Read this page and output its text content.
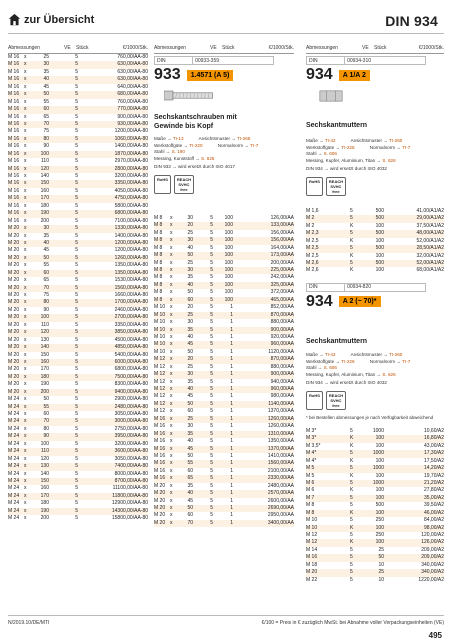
zur Übersicht	DIN 934
Abmessungen	VE	Stück	€/1000/Stk.
M 16 x	25	5	760,00/AA-80
M 16 x	30	5	630,00/AA-80
M 16 x	35	5	630,00/AA-80
M 16 x	40	5	630,00/AA-80
M 16 x	45	5	640,00/AA-80
M 16 x	50	5	680,00/AA-80
M 16 x	55	5	760,00/AA-80
M 16 x	60	5	770,00/AA-80
M 16 x	65	5	900,00/AA-80
M 16 x	70	5	930,00/AA-80
M 16 x	75	5	1200,00/AA-80
M 16 x	80	5	1060,00/AA-80
M 16 x	90	5	1400,00/AA-80
M 16 x	100	5	1870,00/AA-80
M 16 x	110	5	2970,00/AA-80
M 16 x	120	5	2800,00/AA-80
M 16 x	140	5	3200,00/AA-80
M 16 x	150	5	3350,00/AA-80
M 16 x	160	5	4050,00/AA-80
M 16 x	170	5	4750,00/AA-80
M 16 x	180	5	5800,00/AA-80
M 16 x	190	5	6800,00/AA-80
M 16 x	200	5	7100,00/AA-80
M 20 x	30	5	1330,00/AA-80
M 20 x	35	5	1400,00/AA-80
M 20 x	40	5	1200,00/AA-80
M 20 x	45	5	1200,00/AA-80
M 20 x	50	5	1260,00/AA-80
M 20 x	55	5	1350,00/AA-80
M 20 x	60	5	1350,00/AA-80
M 20 x	65	5	1530,00/AA-80
M 20 x	70	5	1560,00/AA-80
M 20 x	75	5	1660,00/AA-80
M 20 x	80	5	1700,00/AA-80
M 20 x	90	5	2460,00/AA-80
M 20 x	100	5	2700,00/AA-80
M 20 x	110	5	3350,00/AA-80
M 20 x	120	5	3850,00/AA-80
M 20 x	130	5	4500,00/AA-80
M 20 x	140	5	4850,00/AA-80
M 20 x	150	5	5400,00/AA-80
M 20 x	160	5	6000,00/AA-80
M 20 x	170	5	6800,00/AA-80
M 20 x	180	5	7500,00/AA-80
M 20 x	190	5	8300,00/AA-80
M 20 x	200	5	9400,00/AA-80
M 24 x	50	5	2900,00/AA-80
M 24 x	55	5	2480,00/AA-80
M 24 x	60	5	3050,00/AA-80
M 24 x	70	5	3000,00/AA-80
M 24 x	80	5	2750,00/AA-80
M 24 x	90	5	3950,00/AA-80
M 24 x	100	5	3200,00/AA-80
M 24 x	110	5	3600,00/AA-80
M 24 x	120	5	3050,00/AA-80
M 24 x	130	5	7400,00/AA-80
M 24 x	140	5	8000,00/AA-80
M 24 x	150	5	8700,00/AA-80
M 24 x	160	5	11100,00/AA-80
M 24 x	170	5	11800,00/AA-80
M 24 x	180	5	12900,00/AA-80
M 24 x	190	5	14300,00/AA-80
M 24 x	200	5	15800,00/AA-80
Abmessungen	VE	Stück	€/1000/Stk.
DIN	00933-359
933	1.4571 (A 5)
Sechskantschrauben mit Gewinde bis Kopf
Maße → TI-13	Ansichtsmuster → TI-265
Werkstoffgüte → TI-220	Normalnorm → TI-7
Stahl → S. 190
Messing, Kunststoff → S. 625
DIN 933 → wird ersetzt durch ISO 4017
RoHS	REACH SVHC free
M 8	x	30	5	100	126,00/AA
M 8	x	20	5	100	133,00/AA
M 8	x	25	5	100	156,00/AA
M 8	x	30	5	100	156,00/AA
M 8	x	40	5	100	164,00/AA
M 8	x	50	5	100	173,00/AA
M 8	x	25	5	100	200,00/AA
M 8	x	30	5	100	225,00/AA
M 8	x	35	5	100	242,00/AA
M 8	x	40	5	100	325,00/AA
M 8	x	50	5	100	372,00/AA
M 8	x	60	5	100	465,00/AA
M 10 x	20	5	1	852,00/AA
M 10 x	25	5	1	870,00/AA
M 10 x	30	5	1	880,00/AA
M 10 x	35	5	1	900,00/AA
M 10 x	40	5	1	920,00/AA
M 10 x	45	5	1	960,00/AA
M 10 x	50	5	1	1120,00/AA
M 12 x	20	5	1	870,00/AA
M 12 x	25	5	1	880,00/AA
M 12 x	30	5	1	900,00/AA
M 12 x	35	5	1	940,00/AA
M 12 x	40	5	1	960,00/AA
M 12 x	45	5	1	980,00/AA
M 12 x	50	5	1	1140,00/AA
M 12 x	60	5	1	1370,00/AA
M 16 x	25	5	1	1260,00/AA
M 16 x	30	5	1	1260,00/AA
M 16 x	35	5	1	1310,00/AA
M 16 x	40	5	1	1350,00/AA
M 16 x	45	5	1	1370,00/AA
M 16 x	50	5	1	1410,00/AA
M 16 x	55	5	1	1560,00/AA
M 16 x	60	5	1	2100,00/AA
M 16 x	65	5	1	2330,00/AA
M 20 x	35	5	1	2480,00/AA
M 20 x	40	5	1	2570,00/AA
M 20 x	45	5	1	2600,00/AA
M 20 x	50	5	1	2690,00/AA
M 20 x	60	5	1	2950,00/AA
M 20 x	70	5	1	3400,00/AA
Abmessungen	VE	Stück	€/1000/Stk.
DIN	00934-310
934	A 1/A 2
Sechskantmuttern
Maße → TI-42	Ansichtsmuster → TI-260
Werkstoffgüte → TI-226	Normalnorm → TI-7
Stahl → S. 606
Messing, Kupfer, Aluminium, Titan → S. 626
DIN 934 → wird ersetzt durch ISO 4032
RoHS	REACH SVHC free
M 1,6	5	500	41,00/A1/A2
M 2	5	500	29,00/A1/A2
M 2	K	100	37,50/A1/A2
M 2,3	5	500	48,00/A1/A2
M 2,5	K	100	52,00/A1/A2
M 2,5	5	500	28,50/A1/A2
M 2,5	K	100	32,00/A1/A2
M 2,6	5	500	52,00/A1/A2
M 2,6	K	100	68,00/A1/A2
DIN	00934-820
934	A 2 (~ 70)*
Sechskantmuttern
Maße → TI-42	Ansichtsmuster → TI-260
Werkstoffgüte → TI-226	Normalnorm → TI-7
Stahl → S. 606
Messing, Kupfer, Aluminium, Titan → S. 626
DIN 934 → wird ersetzt durch ISO 4032
RoHS	REACH SVHC free
* bei Bestellen abmessungen je nach Verfügbarkeit abweichend
M 3*	5	1000	10,60/A2
M 3*	K	100	16,80/A2
M 3,5*	K	100	43,00/A2
M 4*	5	1000	17,30/A2
M 4*	K	100	17,50/A2
M 5	5	1000	14,20/A2
M 5	K	100	19,70/A2
M 6	5	1000	21,20/A2
M 6	K	100	27,80/A2
M 7	5	100	35,00/A2
M 8	5	500	39,50/A2
M 8	K	100	46,00/A2
M 10	5	250	84,00/A2
M 10	K	100	98,00/A2
M 12	5	250	120,00/A2
M 12	K	100	126,00/A2
M 14	5	25	209,00/A2
M 16	5	50	209,00/A2
M 18	5	10	340,00/A2
M 20	5	25	340,00/A2
M 22	5	10	1220,00/A2
N/2019.10/DE/MTI	€/100 = Preis in € zuzüglich MwSt. bei Abnahme voller Verpackungseinheiten (VE)
495
